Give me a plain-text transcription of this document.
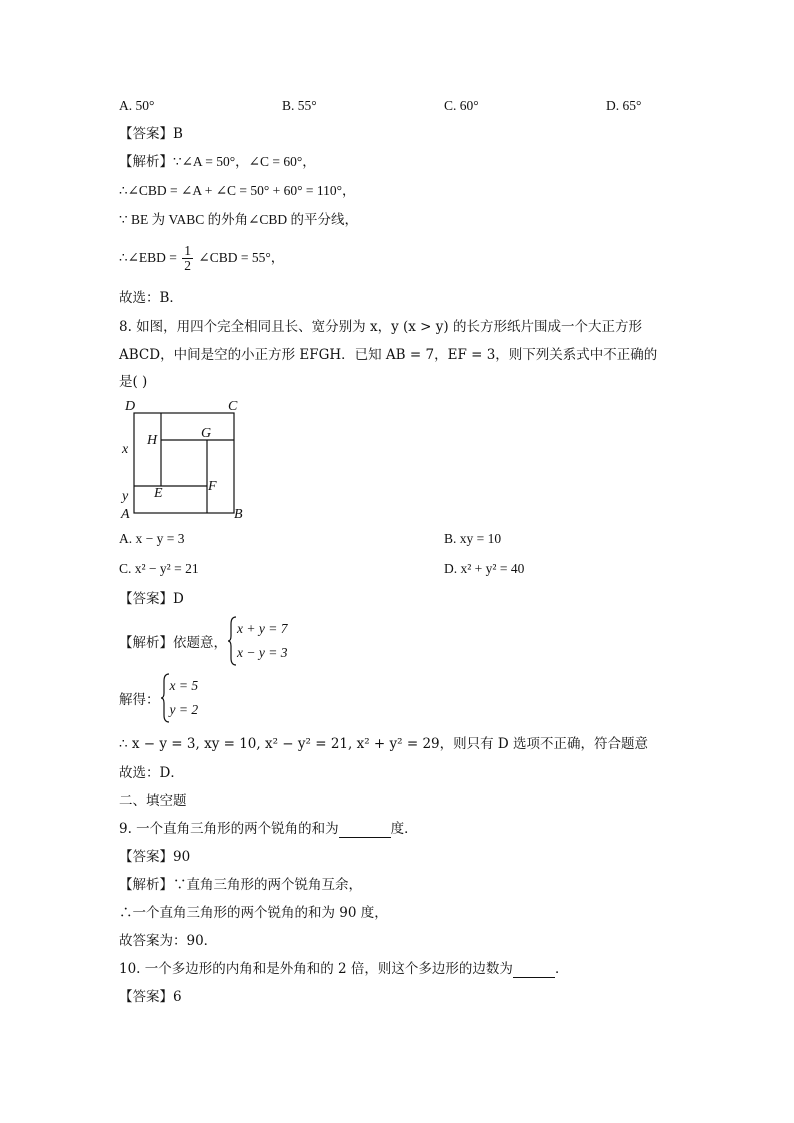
A. 50°	B. 55°	C. 60°	D. 65°
【答案】B
【解析】∵∠A = 50°，∠C = 60°，
∴∠CBD = ∠A + ∠C = 50° + 60° = 110°，
∵ BE 为 VABC 的外角∠CBD 的平分线，
∴∠EBD = $\frac{1}{2}$ ∠CBD = 55°，
故选：B．
8. 如图，用四个完全相同且长、宽分别为 x，y (x > y) 的长方形纸片围成一个大正方形
ABCD，中间是空的小正方形 EFGH．已知 AB = 7，EF = 3，则下列关系式中不正确的
是( )
D	C
H	G
x
F
y E
A	B
A. x − y = 3	B. xy = 10
C. x² − y² = 21	D. x² + y² = 40
【答案】D
【解析】依题意，
x + y = 7
x − y = 3
解得：
x = 5
y = 2
∴ x − y = 3, xy = 10, x² − y² = 21, x² + y² = 29，则只有 D 选项不正确，符合题意
故选：D．
二、填空题
9. 一个直角三角形的两个锐角的和为	度．
【答案】90
【解析】∵直角三角形的两个锐角互余，
∴一个直角三角形的两个锐角的和为 90 度，
故答案为：90．
10. 一个多边形的内角和是外角和的 2 倍，则这个多边形的边数为	．
【答案】6
